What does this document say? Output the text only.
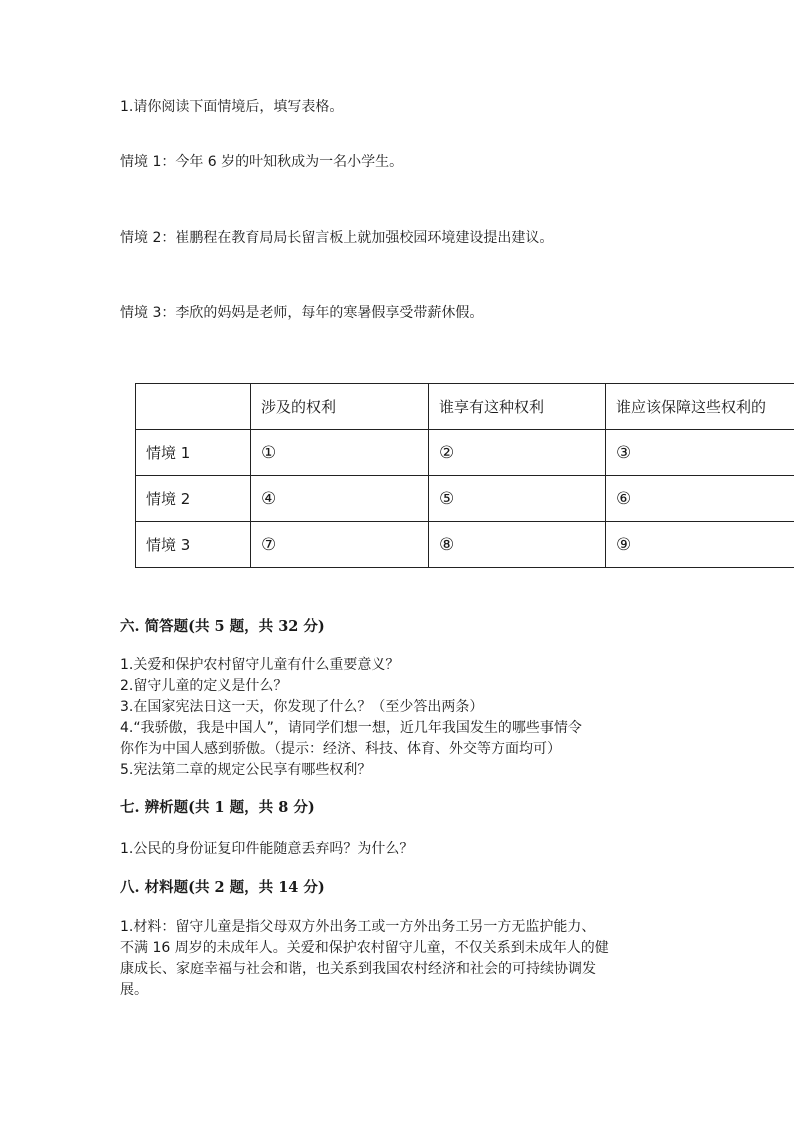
1.请你阅读下面情境后，填写表格。
情境 1：今年 6 岁的叶知秋成为一名小学生。
情境 2：崔鹏程在教育局局长留言板上就加强校园环境建设提出建议。
情境 3：李欣的妈妈是老师，每年的寒暑假享受带薪休假。
	涉及的权利	谁享有这种权利	谁应该保障这些权利的
情境 1	①	②	③
情境 2	④	⑤	⑥
情境 3	⑦	⑧	⑨
六. 简答题(共 5 题，共 32 分)
1.关爱和保护农村留守儿童有什么重要意义？
2.留守儿童的定义是什么？
3.在国家宪法日这一天，你发现了什么？（至少答出两条）
4.“我骄傲，我是中国人”，请同学们想一想，近几年我国发生的哪些事情令
你作为中国人感到骄傲。（提示：经济、科技、体育、外交等方面均可）
5.宪法第二章的规定公民享有哪些权利？
七. 辨析题(共 1 题，共 8 分)
1.公民的身份证复印件能随意丢弃吗？为什么？
八. 材料题(共 2 题，共 14 分)
1.材料：留守儿童是指父母双方外出务工或一方外出务工另一方无监护能力、
不满 16 周岁的未成年人。关爱和保护农村留守儿童，不仅关系到未成年人的健
康成长、家庭幸福与社会和谐，也关系到我国农村经济和社会的可持续协调发
展。
